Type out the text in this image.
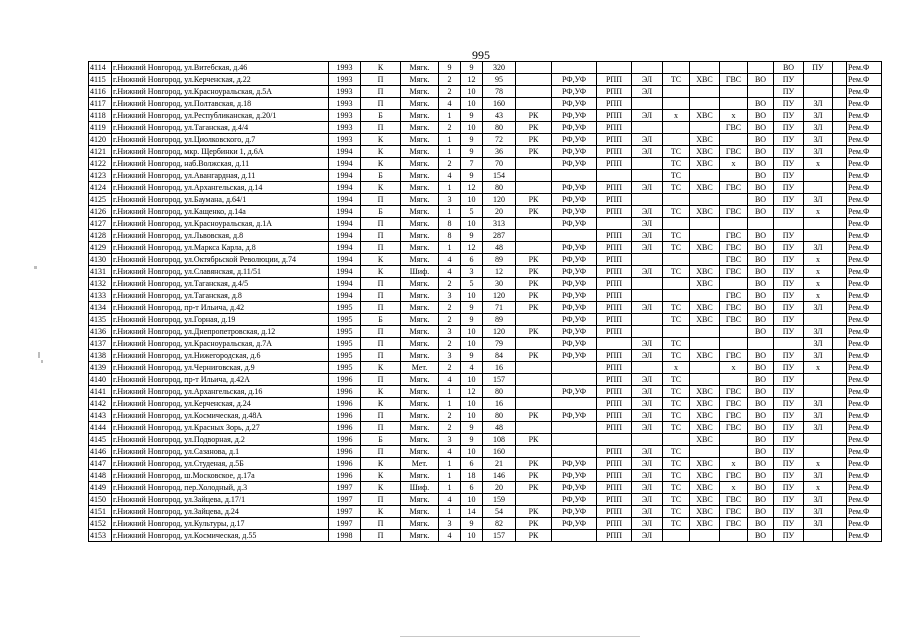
995
4114	г.Нижний Новгород, ул.Витебская, д.46	1993	К	Мягк.	9	9	320									ВО	ПУ		Рем.Ф
4115	г.Нижний Новгород, ул.Керченская, д.22	1993	П	Мягк.	2	12	95		РФ,УФ	РПП	ЭЛ	ТС	ХВС	ГВС	ВО	ПУ			Рем.Ф
4116	г.Нижний Новгород, ул.Красноуральская, д.5А	1993	П	Мягк.	2	10	78		РФ,УФ	РПП	ЭЛ					ПУ			Рем.Ф
4117	г.Нижний Новгород, ул.Полтавская, д.18	1993	П	Мягк.	4	10	160		РФ,УФ	РПП					ВО	ПУ	ЗЛ		Рем.Ф
4118	г.Нижний Новгород, ул.Республиканская, д.20/1	1993	Б	Мягк.	1	9	43	РК	РФ,УФ	РПП	ЭЛ	х	ХВС	х	ВО	ПУ	ЗЛ		Рем.Ф
4119	г.Нижний Новгород, ул.Таганская, д.4/4	1993	П	Мягк.	2	10	80	РК	РФ,УФ	РПП				ГВС	ВО	ПУ	ЗЛ		Рем.Ф
4120	г.Нижний Новгород, ул.Циолковского, д.7	1993	К	Мягк.	1	9	72	РК	РФ,УФ	РПП	ЭЛ		ХВС		ВО	ПУ	ЗЛ		Рем.Ф
4121	г.Нижний Новгород, мкр. Щербинки 1, д.6А	1994	К	Мягк.	1	9	36	РК	РФ,УФ	РПП	ЭЛ	ТС	ХВС	ГВС	ВО	ПУ	ЗЛ		Рем.Ф
4122	г.Нижний Новгород, наб.Волжская, д.11	1994	К	Мягк.	2	7	70		РФ,УФ	РПП		ТС	ХВС	х	ВО	ПУ	х		Рем.Ф
4123	г.Нижний Новгород, ул.Авангардная, д.11	1994	Б	Мягк.	4	9	154					ТС			ВО	ПУ			Рем.Ф
4124	г.Нижний Новгород, ул.Архангельская, д.14	1994	К	Мягк.	1	12	80		РФ,УФ	РПП	ЭЛ	ТС	ХВС	ГВС	ВО	ПУ			Рем.Ф
4125	г.Нижний Новгород, ул.Баумана, д.64/1	1994	П	Мягк.	3	10	120	РК	РФ,УФ	РПП					ВО	ПУ	ЗЛ		Рем.Ф
4126	г.Нижний Новгород, ул.Кащенко, д.14а	1994	Б	Мягк.	1	5	20	РК	РФ,УФ	РПП	ЭЛ	ТС	ХВС	ГВС	ВО	ПУ	х		Рем.Ф
4127	г.Нижний Новгород, ул.Красноуральская, д.1А	1994	П	Мягк.	8	10	313		РФ,УФ		ЭЛ								Рем.Ф
4128	г.Нижний Новгород, ул.Львовская, д.8	1994	П	Мягк.	8	9	287			РПП	ЭЛ	ТС		ГВС	ВО	ПУ			Рем.Ф
4129	г.Нижний Новгород, ул.Маркса Карла, д.8	1994	П	Мягк.	1	12	48		РФ,УФ	РПП	ЭЛ	ТС	ХВС	ГВС	ВО	ПУ	ЗЛ		Рем.Ф
4130	г.Нижний Новгород, ул.Октябрьской Революции, д.74	1994	К	Мягк.	4	6	89	РК	РФ,УФ	РПП				ГВС	ВО	ПУ	х		Рем.Ф
4131	г.Нижний Новгород, ул.Славянская, д.11/51	1994	К	Шиф.	4	3	12	РК	РФ,УФ	РПП	ЭЛ	ТС	ХВС	ГВС	ВО	ПУ	х		Рем.Ф
4132	г.Нижний Новгород, ул.Таганская, д.4/5	1994	П	Мягк.	2	5	30	РК	РФ,УФ	РПП			ХВС		ВО	ПУ	х		Рем.Ф
4133	г.Нижний Новгород, ул.Таганская, д.8	1994	П	Мягк.	3	10	120	РК	РФ,УФ	РПП				ГВС	ВО	ПУ	х		Рем.Ф
4134	г.Нижний Новгород, пр-т Ильича, д.42	1995	П	Мягк.	2	9	71	РК	РФ,УФ	РПП	ЭЛ	ТС	ХВС	ГВС	ВО	ПУ	ЗЛ		Рем.Ф
4135	г.Нижний Новгород, ул.Горная, д.19	1995	Б	Мягк.	2	9	89		РФ,УФ	РПП		ТС	ХВС	ГВС	ВО	ПУ			Рем.Ф
4136	г.Нижний Новгород, ул.Днепропетровская, д.12	1995	П	Мягк.	3	10	120	РК	РФ,УФ	РПП					ВО	ПУ	ЗЛ		Рем.Ф
4137	г.Нижний Новгород, ул.Красноуральская, д.7А	1995	П	Мягк.	2	10	79		РФ,УФ		ЭЛ	ТС					ЗЛ		Рем.Ф
4138	г.Нижний Новгород, ул.Нижегородская, д.6	1995	П	Мягк.	3	9	84	РК	РФ,УФ	РПП	ЭЛ	ТС	ХВС	ГВС	ВО	ПУ	ЗЛ		Рем.Ф
4139	г.Нижний Новгород, ул.Черниговская, д.9	1995	К	Мет.	2	4	16			РПП		х		х	ВО	ПУ	х		Рем.Ф
4140	г.Нижний Новгород, пр-т Ильича, д.42А	1996	П	Мягк.	4	10	157			РПП	ЭЛ	ТС			ВО	ПУ			Рем.Ф
4141	г.Нижний Новгород, ул.Архангельская, д.16	1996	К	Мягк.	1	12	80		РФ,УФ	РПП	ЭЛ	ТС	ХВС	ГВС	ВО	ПУ			Рем.Ф
4142	г.Нижний Новгород, ул.Керченская, д.24	1996	К	Мягк.	1	10	16			РПП	ЭЛ	ТС	ХВС	ГВС	ВО	ПУ	ЗЛ		Рем.Ф
4143	г.Нижний Новгород, ул.Космическая, д.48А	1996	П	Мягк.	2	10	80	РК	РФ,УФ	РПП	ЭЛ	ТС	ХВС	ГВС	ВО	ПУ	ЗЛ		Рем.Ф
4144	г.Нижний Новгород, ул.Красных Зорь, д.27	1996	П	Мягк.	2	9	48			РПП	ЭЛ	ТС	ХВС	ГВС	ВО	ПУ	ЗЛ		Рем.Ф
4145	г.Нижний Новгород, ул.Подворная, д.2	1996	Б	Мягк.	3	9	108	РК					ХВС		ВО	ПУ			Рем.Ф
4146	г.Нижний Новгород, ул.Сазанова, д.1	1996	П	Мягк.	4	10	160			РПП	ЭЛ	ТС			ВО	ПУ			Рем.Ф
4147	г.Нижний Новгород, ул.Студеная, д.5Б	1996	К	Мет.	1	6	21	РК	РФ,УФ	РПП	ЭЛ	ТС	ХВС	х	ВО	ПУ	х		Рем.Ф
4148	г.Нижний Новгород, ш.Московское, д.17а	1996	К	Мягк.	1	18	146	РК	РФ,УФ	РПП	ЭЛ	ТС	ХВС	ГВС	ВО	ПУ	ЗЛ		Рем.Ф
4149	г.Нижний Новгород, пер.Холодный, д.3	1997	К	Шиф.	1	6	20	РК	РФ,УФ	РПП	ЭЛ	ТС	ХВС	х	ВО	ПУ	х		Рем.Ф
4150	г.Нижний Новгород, ул.Зайцева, д.17/1	1997	П	Мягк.	4	10	159		РФ,УФ	РПП	ЭЛ	ТС	ХВС	ГВС	ВО	ПУ	ЗЛ		Рем.Ф
4151	г.Нижний Новгород, ул.Зайцева, д.24	1997	К	Мягк.	1	14	54	РК	РФ,УФ	РПП	ЭЛ	ТС	ХВС	ГВС	ВО	ПУ	ЗЛ		Рем.Ф
4152	г.Нижний Новгород, ул.Культуры, д.17	1997	П	Мягк.	3	9	82	РК	РФ,УФ	РПП	ЭЛ	ТС	ХВС	ГВС	ВО	ПУ	ЗЛ		Рем.Ф
4153	г.Нижний Новгород, ул.Космическая, д.55	1998	П	Мягк.	4	10	157	РК		РПП	ЭЛ				ВО	ПУ			Рем.Ф
